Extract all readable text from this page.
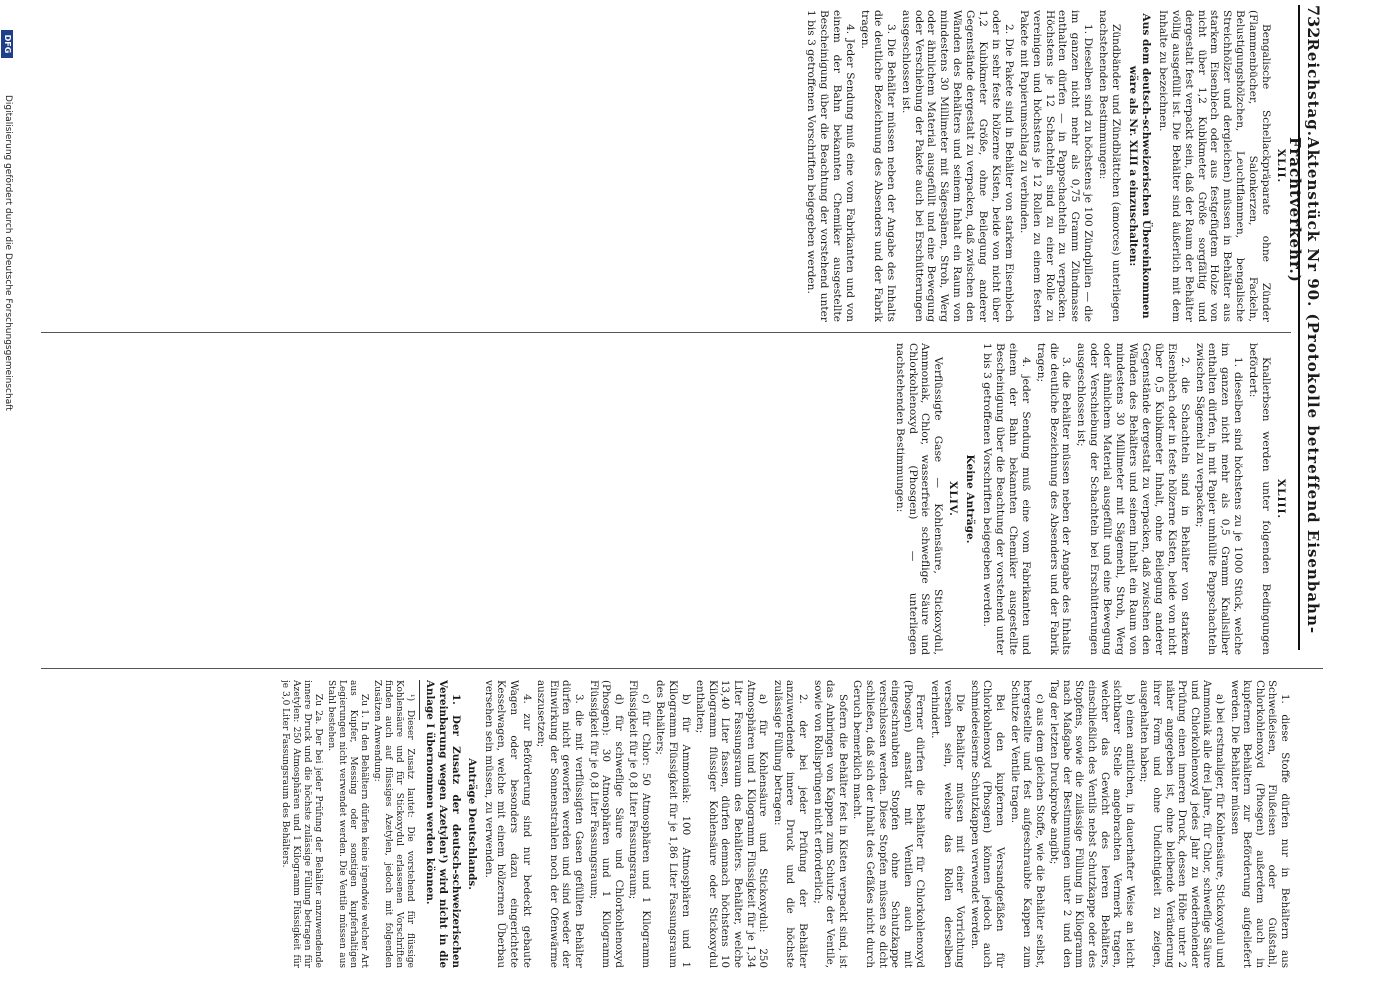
732
Reichstag.
Aktenstück Nr 90. (Protokolle betreffend Eisenbahn-Frachtverkehr.)
XLII.

Bengalische Schellackpräparate ohne Zünder (Flammenbücher, Salonkerzen, Fackeln, Belustigungshölzchen, Leuchtflammen, bengalische Streichhölzer und dergleichen) müssen in Behälter aus starkem Eisenblech oder aus festgefügtem Holze von nicht über 1,2 Kubikmeter Größe sorgfältig und dergestalt fest verpackt sein, daß der Raum der Behälter völlig ausgefüllt ist. Die Behälter sind äußerlich mit dem Inhalte zu bezeichnen.

Aus dem deutsch-schweizerischen Übereinkommen wäre als Nr. XLII a einzuschalten:

Zündbänder und Zündblättchen (amorces) unterliegen nachstehenden Bestimmungen:

1. Dieselben sind zu höchstens je 100 Zündpillen — die im ganzen nicht mehr als 0,75 Gramm Zündmasse enthalten dürfen — in Pappschachteln zu verpacken. Höchstens je 12 Schachteln sind zu einer Rolle zu vereinigen und höchstens je 12 Rollen zu einem festen Pakete mit Papierumschlag zu verbinden.

2. Die Pakete sind in Behälter von starkem Eisenblech oder in sehr feste hölzerne Kisten, beide von nicht über 1,2 Kubikmeter Größe, ohne Beilegung anderer Gegenstände dergestalt zu verpacken, daß zwischen den Wänden des Behälters und seinem Inhalt ein Raum von mindestens 30 Millimeter mit Sägespänen, Stroh, Werg oder ähnlichem Material ausgefüllt und eine Bewegung oder Verschiebung der Pakete auch bei Erschütterungen ausgeschlossen ist.

3. Die Behälter müssen neben der Angabe des Inhalts die deutliche Bezeichnung des Absenders und der Fabrik tragen.

4. Jeder Sendung muß eine vom Fabrikanten und von einem der Bahn bekannten Chemiker ausgestellte Bescheinigung über die Beachtung der vorstehend unter 1 bis 3 getroffenen Vorschriften beigegeben werden.

XLIII.

Knallerbsen werden unter folgenden Bedingungen befördert:

1. dieselben sind höchstens zu je 1000 Stück, welche im ganzen nicht mehr als 0,5 Gramm Knallsilber enthalten dürfen, in mit Papier umhüllte Pappschachteln zwischen Sägemehl zu verpacken;

2. die Schachteln sind in Behälter von starkem Eisenblech oder in feste hölzerne Kisten, beide von nicht über 0,5 Kubikmeter Inhalt, ohne Beilegung anderer Gegenstände dergestalt zu verpacken, daß zwischen den Wänden des Behälters und seinem Inhalt ein Raum von mindestens 30 Millimeter mit Sägemehl, Stroh, Werg oder ähnlichem Material ausgefüllt und eine Bewegung oder Verschiebung der Schachteln bei Erschütterungen ausgeschlossen ist;

3. die Behälter müssen neben der Angabe des Inhalts die deutliche Bezeichnung des Absenders und der Fabrik tragen;

4. jeder Sendung muß eine vom Fabrikanten und einem der Bahn bekannten Chemiker ausgestellte Bescheinigung über die Beachtung der vorstehend unter 1 bis 3 getroffenen Vorschriften beigegeben werden.

Keine Anträge.
XLIV.

Verflüssigte Gase — Kohlensäure, Stickoxydul, Ammoniak, Chlor, wasserfreie schweflige Säure und Chlorkohlenoxyd (Phosgen) — unterliegen nachstehenden Bestimmungen:

1. diese Stoffe dürfen nur in Behältern aus Schweißeisen, Flußeisen oder Gußstahl, Chlorkohlenoxyd (Phosgen) außerdem auch in kupfernen Behältern zur Beförderung aufgeliefert werden. Die Behälter müssen

a) bei erstmaliger, für Kohlensäure, Stickoxydul und Ammoniak alle drei Jahre, für Chlor, schweflige Säure und Chlorkohlenoxyd jedes Jahr zu wiederholender Prüfung einen inneren Druck, dessen Höhe unter 2 näher angegeben ist, ohne bleibende Veränderung ihrer Form und ohne Undichtigkeit zu zeigen, ausgehalten haben;

b) einen amtlichen, in dauerhafter Weise an leicht sichtbarer Stelle angebrachten Vermerk tragen, welcher das Gewicht des leeren Behälters, einschließlich des Ventils nebst Schutzkappe oder des Stopfens, sowie die zulässige Füllung in Kilogramm nach Maßgabe der Bestimmungen unter 2 und den Tag der letzten Druckprobe angibt;

c) aus dem gleichen Stoffe, wie die Behälter selbst, hergestellte und fest aufgeschraubte Kappen zum Schutze der Ventile tragen.

Bei den kupfernen Versandgefäßen für Chlorkohlenoxyd (Phosgen) können jedoch auch schmiedeeiserne Schutzkappen verwendet werden.

Die Behälter müssen mit einer Vorrichtung versehen sein, welche das Rollen derselben verhindert.

Ferner dürfen die Behälter für Chlorkohlenoxyd (Phosgen) anstatt mit Ventilen auch mit eingeschraubten Stopfen ohne Schutzkappe verschlossen werden. Diese Stopfen müssen so dicht schließen, daß sich der Inhalt des Gefäßes nicht durch Geruch bemerklich macht.

Sofern die Behälter fest in Kisten verpackt sind, ist das Anbringen von Kappen zum Schutze der Ventile, sowie von Rollsprüngen nicht erforderlich;

2. der bei jeder Prüfung der Behälter anzuwendende innere Druck und die höchste zulässige Füllung betragen:

a) für Kohlensäure und Stickoxydul: 250 Atmosphären und 1 Kilogramm Flüssigkeit für je 1,34 Liter Fassungsraum des Behälters. Behälter, welche 13,40 Liter fassen, dürfen demnach höchstens 10 Kilogramm flüssiger Kohlensäure oder Stickoxydul enthalten;

b) für Ammoniak: 100 Atmosphären und 1 Kilogramm Flüssigkeit für je 1,86 Liter Fassungsraum des Behälters;

c) für Chlor: 50 Atmosphären und 1 Kilogramm Flüssigkeit für je 0,8 Liter Fassungsraum;

d) für schweflige Säure und Chlorkohlenoxyd (Phosgen): 30 Atmosphären und 1 Kilogramm Flüssigkeit für je 0,8 Liter Fassungsraum;

3. die mit verflüssigten Gasen gefüllten Behälter dürfen nicht geworfen werden und sind weder der Einwirkung der Sonnenstrahlen noch der Ofenwärme auszusetzen;

4. zur Beförderung sind nur bedeckt gebaute Wagen oder besonders dazu eingerichtete Kesselwagen, welche mit einem hölzernen Überbau versehen sein müssen, zu verwenden.

Anträge Deutschlands.

1. Der Zusatz der deutsch-schweizerischen Vereinbarung wegen Azetylen¹) wird nicht in die Anlage I übernommen werden können.

¹) Dieser Zusatz lautet: Die vorstehend für flüssige Kohlensäure und für Stickoxydul erlassenen Vorschriften finden auch auf flüssiges Azetylen, jedoch mit folgenden Zusätzen Anwendung:

Zu 1. In den Behältern dürfen keine irgendwie welcher Art aus Kupfer, Messing oder sonstigen kupferhaltigen Legierungen nicht verwendet werden. Die Ventile müssen aus Stahl bestehen.

Zu 2a. Der bei jeder Prüfung der Behälter anzuwendende innere Druck und die höchste zulässige Füllung betragen für Azetylen: 250 Atmosphären und 1 Kilogramm Flüssigkeit für je 3,0 Liter Fassungsraum des Behälters.

DFG
Digitalisierung gefördert durch die Deutsche Forschungsgemeinschaft
